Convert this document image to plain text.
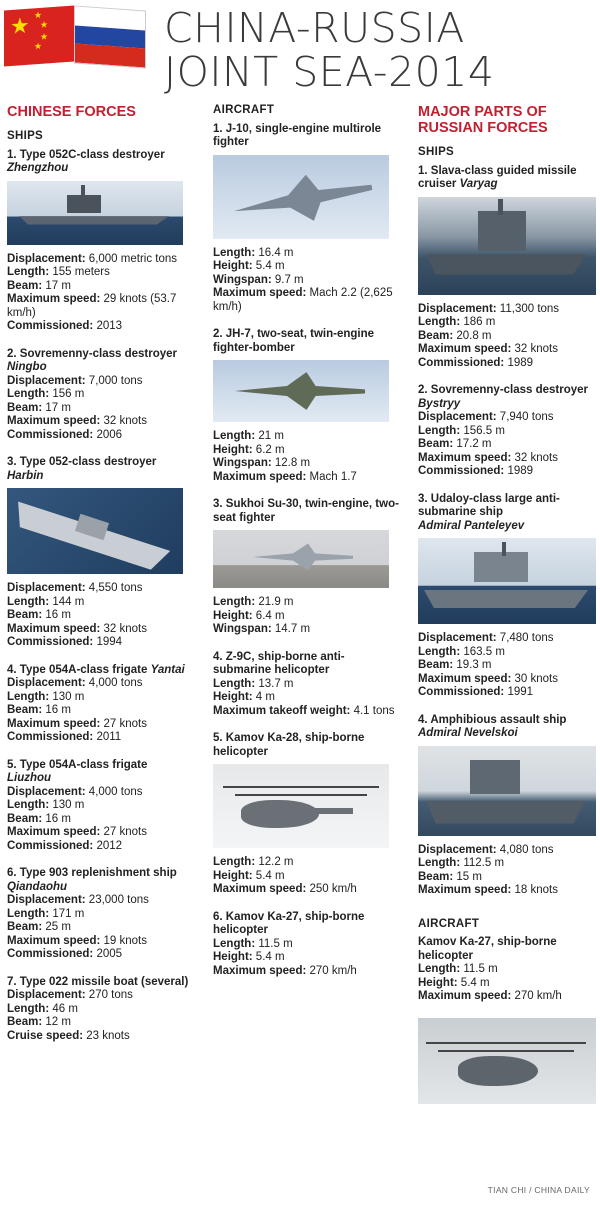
★ ★
★
★
★	CHINA-RUSSIA
JOINT SEA-2014
CHINESE FORCES
SHIPS

1. Type 052C-class destroyer
Zhengzhou

Displacement: 6,000 metric tons

Length: 155 meters

Beam: 17 m

Maximum speed: 29 knots (53.7 km/h)

Commissioned: 2013

2. Sovremenny-class destroyer
Ningbo

Displacement: 7,000 tons

Length: 156 m

Beam: 17 m

Maximum speed: 32 knots

Commissioned: 2006

3. Type 052-class destroyer
Harbin

Displacement: 4,550 tons

Length: 144 m

Beam: 16 m

Maximum speed: 32 knots

Commissioned: 1994

4. Type 054A-class frigate Yantai

Displacement: 4,000 tons

Length: 130 m

Beam: 16 m

Maximum speed: 27 knots

Commissioned: 2011

5. Type 054A-class frigate
Liuzhou

Displacement: 4,000 tons

Length: 130 m

Beam: 16 m

Maximum speed: 27 knots

Commissioned: 2012

6. Type 903 replenishment ship
Qiandaohu

Displacement: 23,000 tons

Length: 171 m

Beam: 25 m

Maximum speed: 19 knots

Commissioned: 2005

7. Type 022 missile boat (several)

Displacement: 270 tons

Length: 46 m

Beam: 12 m

Cruise speed: 23 knots

AIRCRAFT

1. J-10, single-engine multirole fighter

Length: 16.4 m

Height: 5.4 m

Wingspan: 9.7 m

Maximum speed: Mach 2.2 (2,625 km/h)

2. JH-7, two-seat, twin-engine fighter-bomber

Length: 21 m

Height: 6.2 m

Wingspan: 12.8 m

Maximum speed: Mach 1.7

3. Sukhoi Su-30, twin-engine, two-seat fighter

Length: 21.9 m

Height: 6.4 m

Wingspan: 14.7 m

4. Z-9C, ship-borne anti-submarine helicopter

Length: 13.7 m

Height: 4 m

Maximum takeoff weight: 4.1 tons

5. Kamov Ka-28, ship-borne helicopter

Length: 12.2 m

Height: 5.4 m

Maximum speed: 250 km/h

6. Kamov Ka-27, ship-borne helicopter

Length: 11.5 m

Height: 5.4 m

Maximum speed: 270 km/h

MAJOR PARTS OF RUSSIAN FORCES
SHIPS

1. Slava-class guided missile cruiser Varyag

Displacement: 11,300 tons

Length: 186 m

Beam: 20.8 m

Maximum speed: 32 knots

Commissioned: 1989

2. Sovremenny-class destroyer
Bystryy

Displacement: 7,940 tons

Length: 156.5 m

Beam: 17.2 m

Maximum speed: 32 knots

Commissioned: 1989

3. Udaloy-class large anti-submarine ship
Admiral Panteleyev

Displacement: 7,480 tons

Length: 163.5 m

Beam: 19.3 m

Maximum speed: 30 knots

Commissioned: 1991

4. Amphibious assault ship
Admiral Nevelskoi

Displacement: 4,080 tons

Length: 112.5 m

Beam: 15 m

Maximum speed: 18 knots

AIRCRAFT

Kamov Ka-27, ship-borne helicopter

Length: 11.5 m

Height: 5.4 m

Maximum speed: 270 km/h

TIAN CHI / CHINA DAILY
